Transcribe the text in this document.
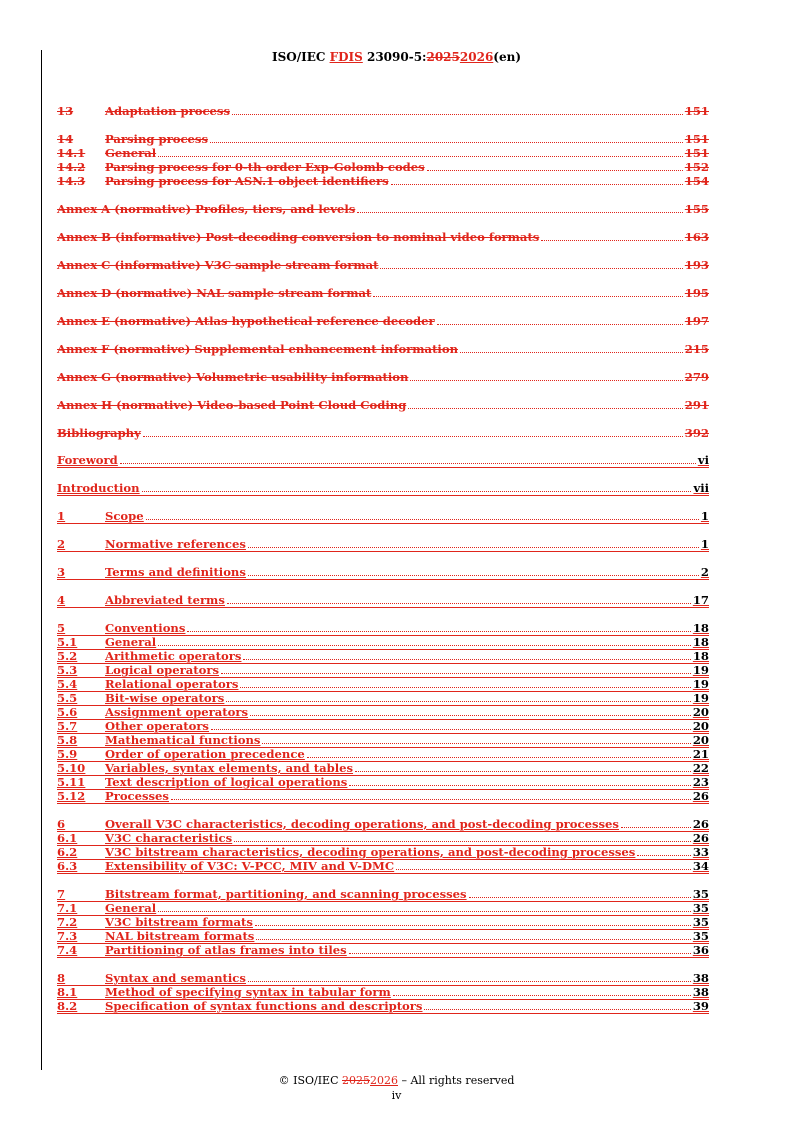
ISO/IEC FDIS 23090-5:20252026(en)
13	Adaptation process	151
14	Parsing process	151
14.1	General	151
14.2	Parsing process for 0-th order Exp-Golomb codes	152
14.3	Parsing process for ASN.1 object identifiers	154
Annex A (normative) Profiles, tiers, and levels	155
Annex B (informative) Post-decoding conversion to nominal video formats	163
Annex C (informative) V3C sample stream format	193
Annex D (normative) NAL sample stream format	195
Annex E (normative) Atlas hypothetical reference decoder	197
Annex F (normative) Supplemental enhancement information	215
Annex G (normative) Volumetric usability information	279
Annex H (normative) Video-based Point Cloud Coding	291
Bibliography	392
Foreword	vi
Introduction	vii
1	Scope	1
2	Normative references	1
3	Terms and definitions	2
4	Abbreviated terms	17
5	Conventions	18
5.1	General	18
5.2	Arithmetic operators	18
5.3	Logical operators	19
5.4	Relational operators	19
5.5	Bit-wise operators	19
5.6	Assignment operators	20
5.7	Other operators	20
5.8	Mathematical functions	20
5.9	Order of operation precedence	21
5.10	Variables, syntax elements, and tables	22
5.11	Text description of logical operations	23
5.12	Processes	26
6	Overall V3C characteristics, decoding operations, and post-decoding processes	26
6.1	V3C characteristics	26
6.2	V3C bitstream characteristics, decoding operations, and post-decoding processes	33
6.3	Extensibility of V3C: V-PCC, MIV and V-DMC	34
7	Bitstream format, partitioning, and scanning processes	35
7.1	General	35
7.2	V3C bitstream formats	35
7.3	NAL bitstream formats	35
7.4	Partitioning of atlas frames into tiles	36
8	Syntax and semantics	38
8.1	Method of specifying syntax in tabular form	38
8.2	Specification of syntax functions and descriptors	39
© ISO/IEC 20252026 – All rights reserved
iv
